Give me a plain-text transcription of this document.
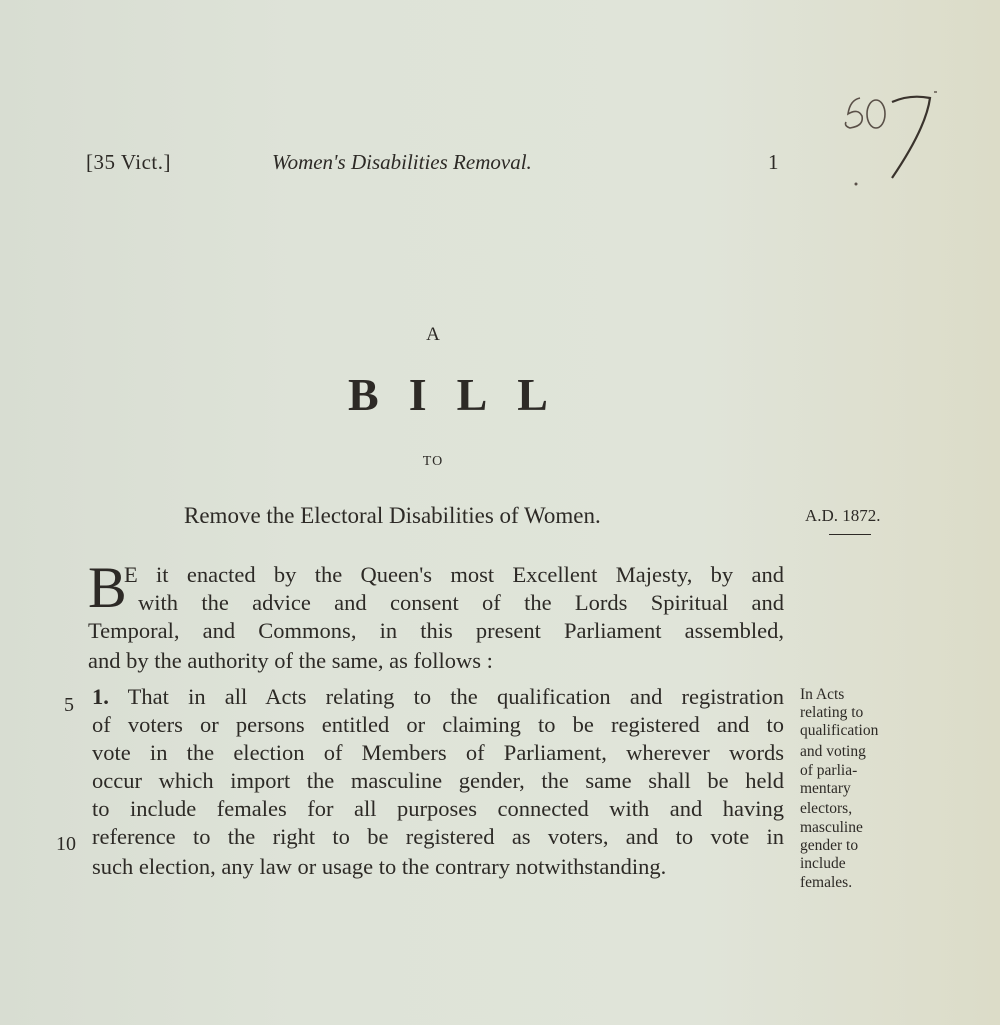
[35 Vict.]	Women's Disabilities Removal.	1
A
BILL
TO
Remove the Electoral Disabilities of Women.	A.D. 1872.
B
E it enacted by the Queen's most Excellent Majesty, by and
with the advice and consent of the Lords Spiritual and
Temporal, and Commons, in this present Parliament assembled,
and by the authority of the same, as follows :
5
10
1. That in all Acts relating to the qualification and registration
of voters or persons entitled or claiming to be registered and to
vote in the election of Members of Parliament, wherever words
occur which import the masculine gender, the same shall be held
to include females for all purposes connected with and having
reference to the right to be registered as voters, and to vote in
such election, any law or usage to the contrary notwithstanding.
In Acts
relating to
qualification
and voting
of parlia-
mentary
electors,
masculine
gender to
include
females.
